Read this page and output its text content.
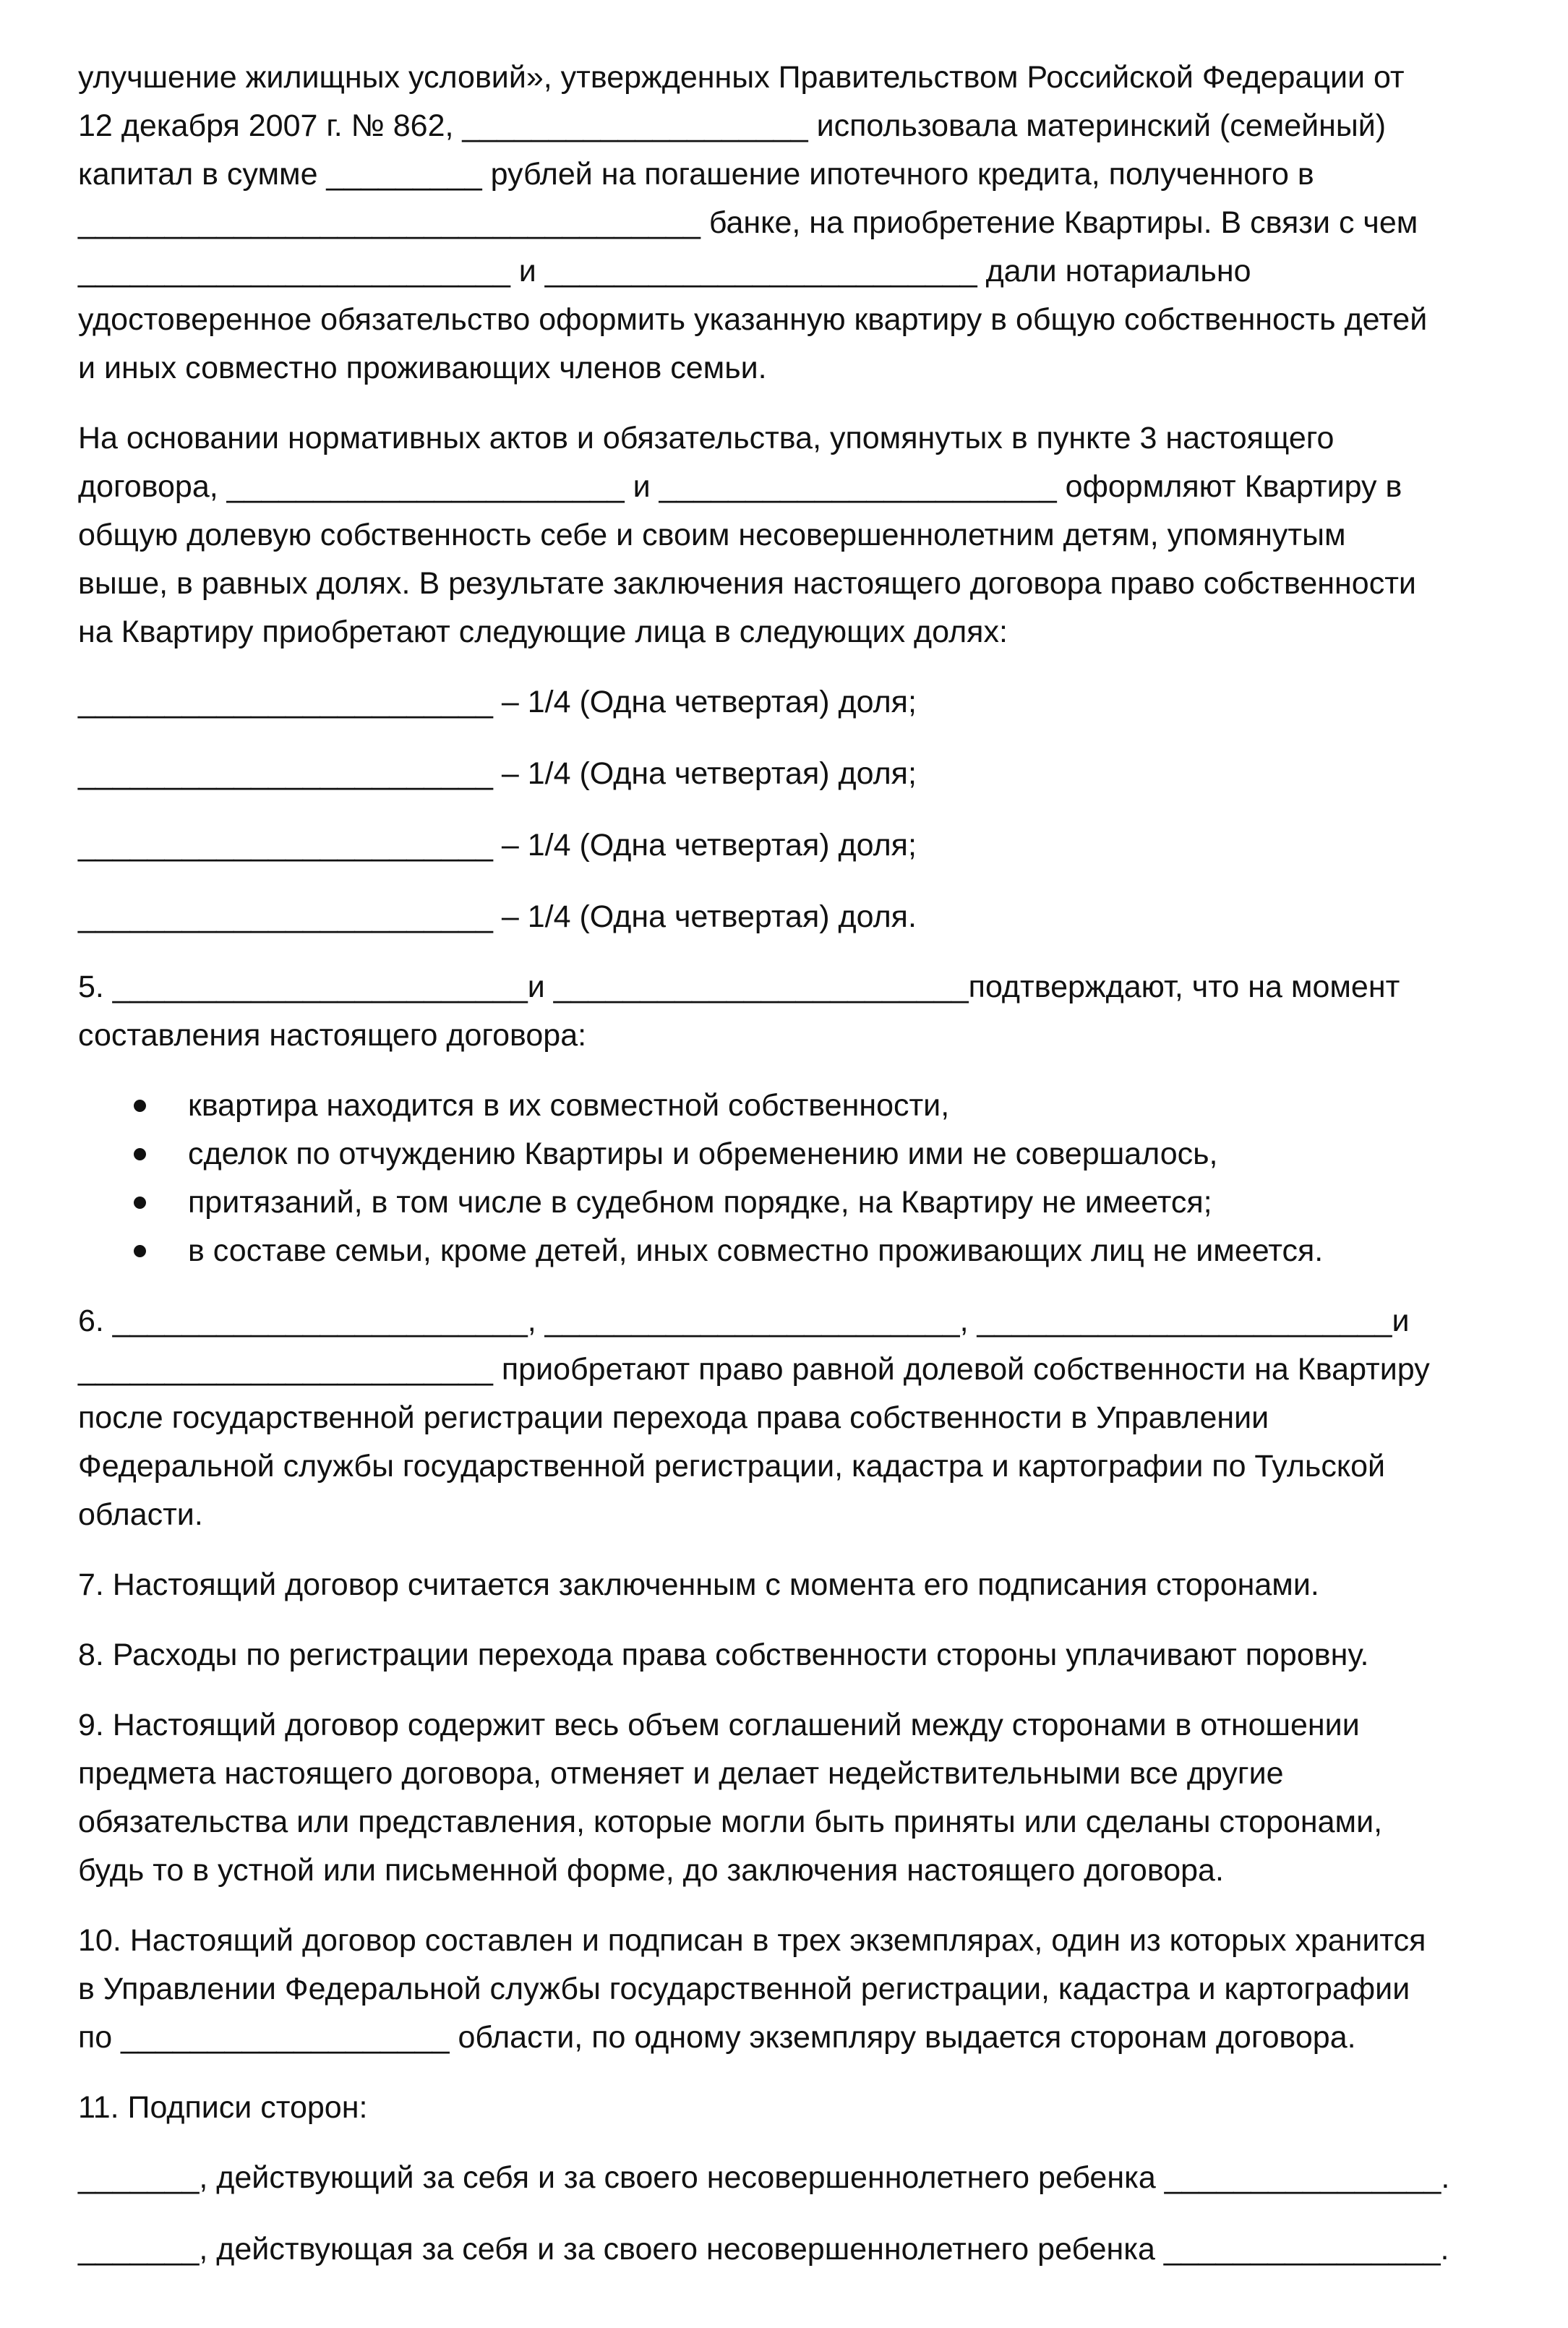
улучшение жилищных условий», утвержденных Правительством Российской Федерации от

12 декабря 2007 г. № 862, ____________________ использовала материнский (семейный)

капитал в сумме _________ рублей на погашение ипотечного кредита, полученного в

____________________________________ банке, на приобретение Квартиры. В связи с чем

_________________________ и _________________________ дали нотариально

удостоверенное обязательство оформить указанную квартиру в общую собственность детей

и иных совместно проживающих членов семьи.

На основании нормативных актов и обязательства, упомянутых в пункте 3 настоящего

договора, _______________________ и _______________________ оформляют Квартиру в

общую долевую собственность себе и своим несовершеннолетним детям, упомянутым

выше, в равных долях. В результате заключения настоящего договора право собственности

на Квартиру приобретают следующие лица в следующих долях:

________________________ – 1/4 (Одна четвертая) доля;

________________________ – 1/4 (Одна четвертая) доля;

________________________ – 1/4 (Одна четвертая) доля;

________________________ – 1/4 (Одна четвертая) доля.

5. ________________________и ________________________подтверждают, что на момент

составления настоящего договора:

квартира находится в их совместной собственности,
сделок по отчуждению Квартиры и обременению ими не совершалось,
притязаний, в том числе в судебном порядке, на Квартиру не имеется;
в составе семьи, кроме детей, иных совместно проживающих лиц не имеется.

6. ________________________, ________________________, ________________________и

________________________ приобретают право равной долевой собственности на Квартиру

после государственной регистрации перехода права собственности в Управлении

Федеральной службы государственной регистрации, кадастра и картографии по Тульской

области.

7. Настоящий договор считается заключенным с момента его подписания сторонами.

8. Расходы по регистрации перехода права собственности стороны уплачивают поровну.

9. Настоящий договор содержит весь объем соглашений между сторонами в отношении

предмета настоящего договора, отменяет и делает недействительными все другие

обязательства или представления, которые могли быть приняты или сделаны сторонами,

будь то в устной или письменной форме, до заключения настоящего договора.

10. Настоящий договор составлен и подписан в трех экземплярах, один из которых хранится

в Управлении Федеральной службы государственной регистрации, кадастра и картографии

по ___________________ области, по одному экземпляру выдается сторонам договора.

11. Подписи сторон:

_______, действующий за себя и за своего несовершеннолетнего ребенка ________________.

_______, действующая за себя и за своего несовершеннолетнего ребенка ________________.
